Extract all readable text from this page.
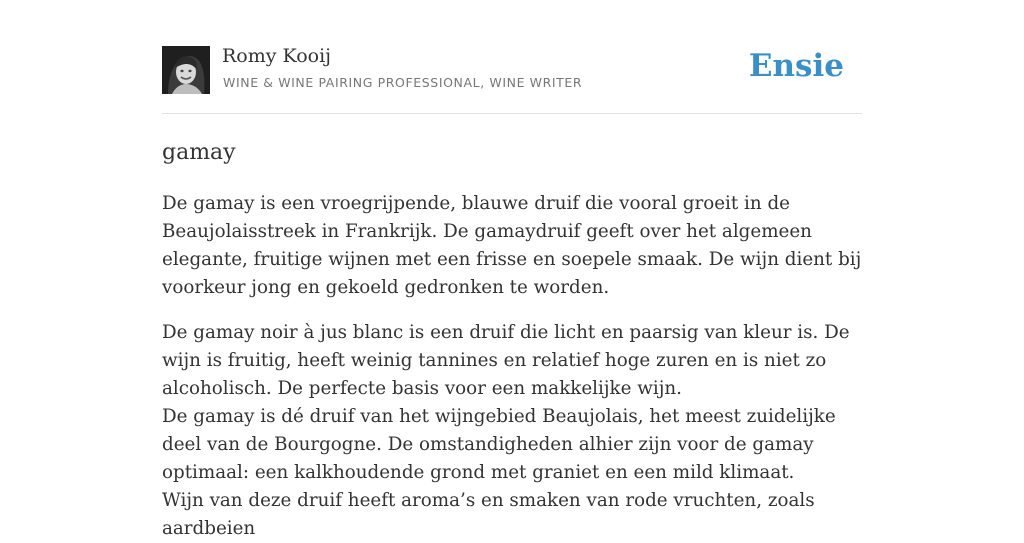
Romy Kooij
WINE & WINE PAIRING PROFESSIONAL, WINE WRITER	Ensie
gamay

De gamay is een vroegrijpende, blauwe druif die vooral groeit in de Beaujolaisstreek in Frankrijk. De gamaydruif geeft over het algemeen elegante, fruitige wijnen met een frisse en soepele smaak. De wijn dient bij voorkeur jong en gekoeld gedronken te worden.

De gamay noir à jus blanc is een druif die licht en paarsig van kleur is. De wijn is fruitig, heeft weinig tannines en relatief hoge zuren en is niet zo alcoholisch. De perfecte basis voor een makkelijke wijn.

De gamay is dé druif van het wijngebied Beaujolais, het meest zuidelijke deel van de Bourgogne. De omstandigheden alhier zijn voor de gamay optimaal: een kalkhoudende grond met graniet en een mild klimaat.

Wijn van deze druif heeft aroma’s en smaken van rode vruchten, zoals aardbeien
